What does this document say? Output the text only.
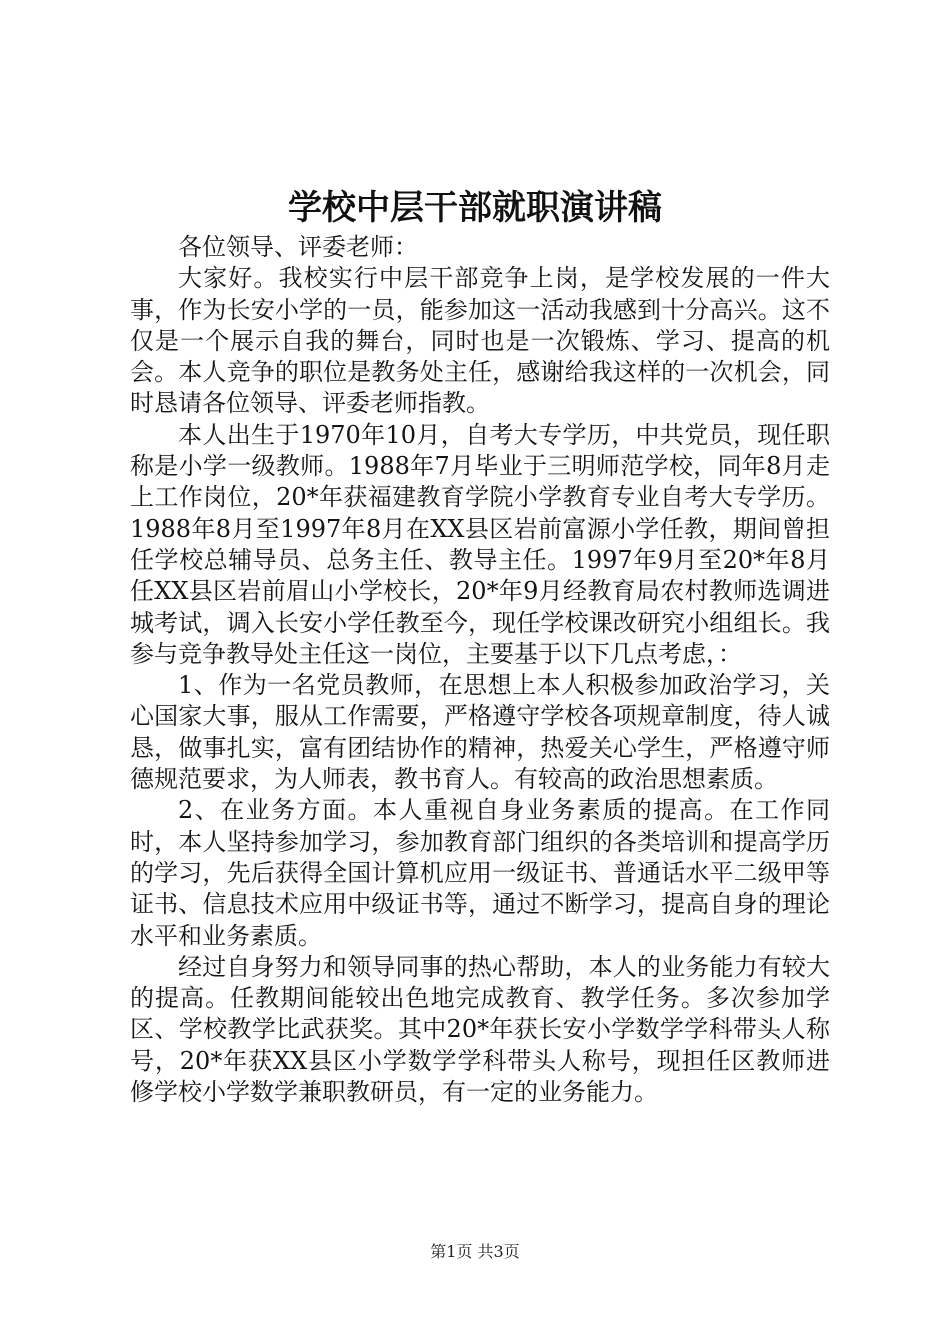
学校中层干部就职演讲稿

各位领导、评委老师：

大家好。我校实行中层干部竞争上岗，是学校发展的一件大事，作为长安小学的一员，能参加这一活动我感到十分高兴。这不仅是一个展示自我的舞台，同时也是一次锻炼、学习、提高的机会。本人竞争的职位是教务处主任，感谢给我这样的一次机会，同时恳请各位领导、评委老师指教。

本人出生于1970年10月，自考大专学历，中共党员，现任职称是小学一级教师。1988年7月毕业于三明师范学校，同年8月走上工作岗位，20*年获福建教育学院小学教育专业自考大专学历。1988年8月至1997年8月在XX县区岩前富源小学任教，期间曾担任学校总辅导员、总务主任、教导主任。1997年9月至20*年8月任XX县区岩前眉山小学校长，20*年9月经教育局农村教师选调进城考试，调入长安小学任教至今，现任学校课改研究小组组长。我参与竞争教导处主任这一岗位，主要基于以下几点考虑，：

1、作为一名党员教师，在思想上本人积极参加政治学习，关心国家大事，服从工作需要，严格遵守学校各项规章制度，待人诚恳，做事扎实，富有团结协作的精神，热爱关心学生，严格遵守师德规范要求，为人师表，教书育人。有较高的政治思想素质。

2、在业务方面。本人重视自身业务素质的提高。在工作同时，本人坚持参加学习，参加教育部门组织的各类培训和提高学历的学习，先后获得全国计算机应用一级证书、普通话水平二级甲等证书、信息技术应用中级证书等，通过不断学习，提高自身的理论水平和业务素质。

经过自身努力和领导同事的热心帮助，本人的业务能力有较大的提高。任教期间能较出色地完成教育、教学任务。多次参加学区、学校教学比武获奖。其中20*年获长安小学数学学科带头人称号，20*年获XX县区小学数学学科带头人称号，现担任区教师进修学校小学数学兼职教研员，有一定的业务能力。

第1页 共3页
